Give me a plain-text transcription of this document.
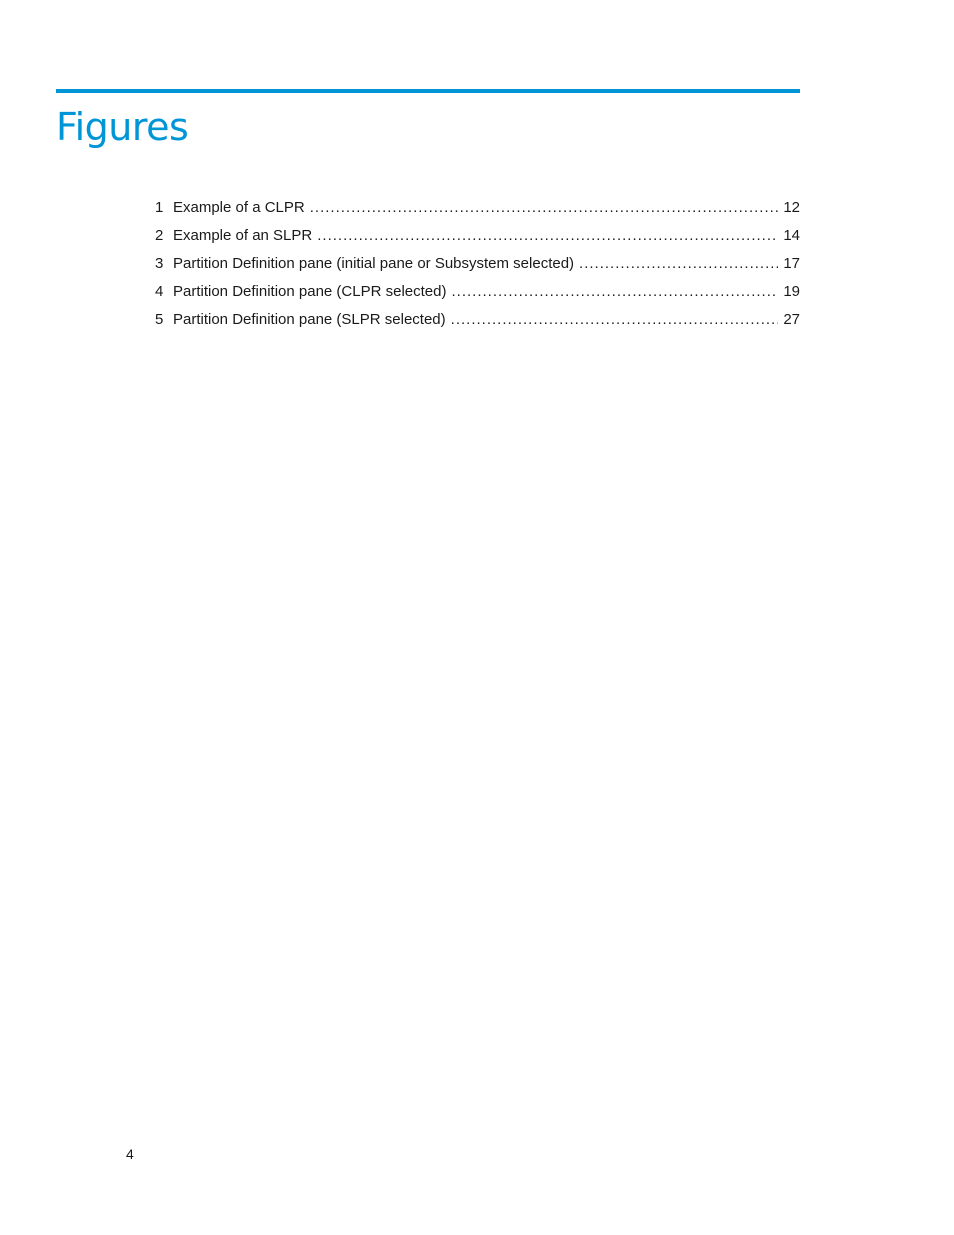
Figures
1 Example of a CLPR .....	12
2 Example of an SLPR .....	14
3 Partition Definition pane (initial pane or Subsystem selected) .....	17
4 Partition Definition pane (CLPR selected) .....	19
5 Partition Definition pane (SLPR selected) .....	27
4
